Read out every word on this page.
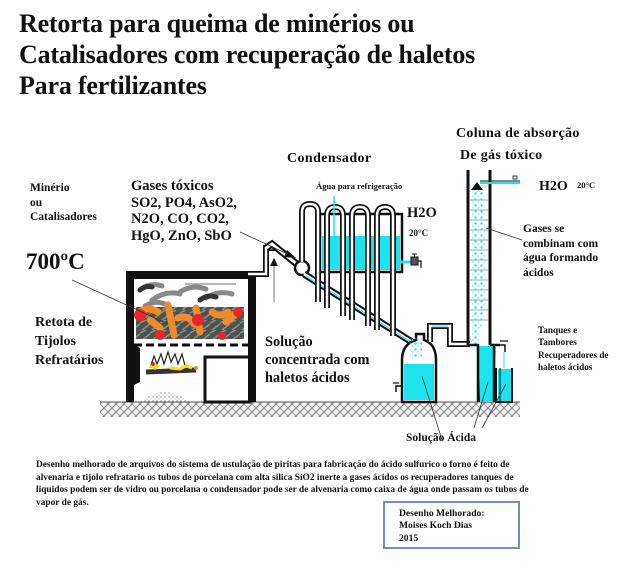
Retorta para queima de minérios ou
Catalisadores com recuperação de haletos
Para fertilizantes
Minério
ou
Catalisadores
700ºC
Gases tóxicos
SO2, PO4, AsO2,
N2O, CO, CO2,
HgO, ZnO, SbO
Retota de
Tijolos
Refratários
Condensador
Água para refrigeração
H2O
20°C
Coluna de absorção
De gás tóxico
H2O 20°C
Gases se
combinam com
água formando
ácidos
Solução
concentrada com
haletos ácidos
Tanques e
Tambores
Recuperadores de
haletos ácidos
Solução Ácida
Desenho melhorado de arquivos do sistema de ustulação de piritas para fabricação do ácido sulfurico o forno é feito de
alvenaria e tijolo refratario os tubos de porcelana com alta silica SiO2 inerte a gases ácidos os recuperadores tanques de
liquidos podem ser de vidro ou porcelana o condensador pode ser de alvenaria como caixa de água onde passam os tubos de
vapor de gás.
Desenho Melhorado:
Moises Koch Dias
2015
